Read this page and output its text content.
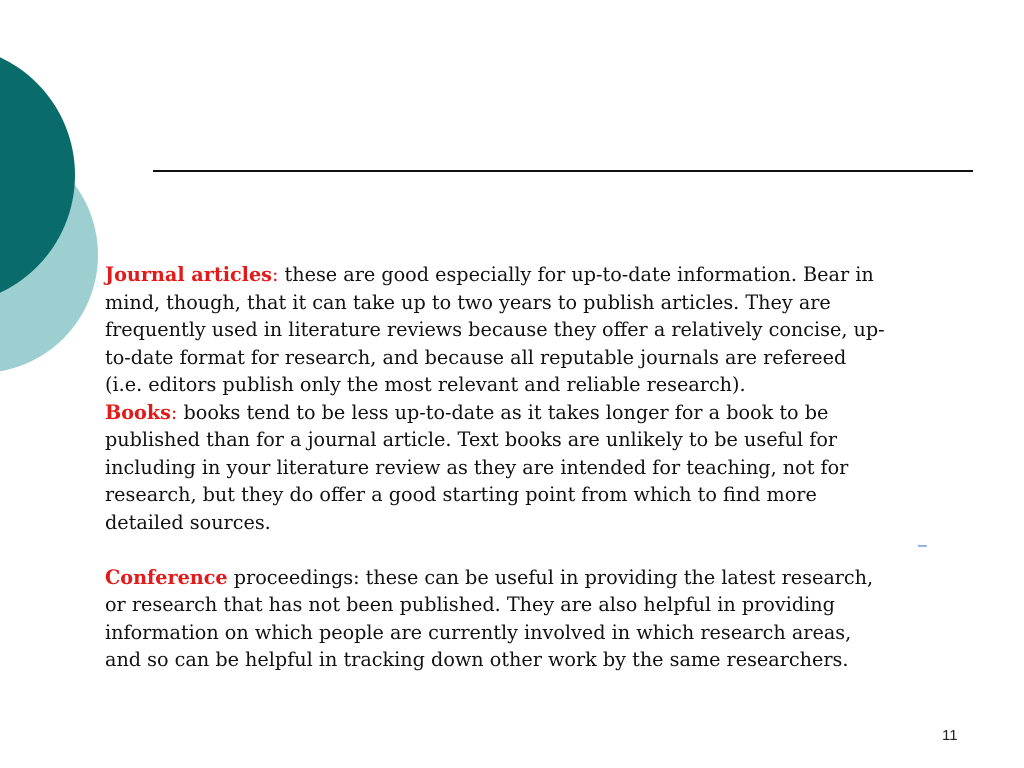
Journal articles: these are good especially for up-to-date information. Bear in mind, though, that it can take up to two years to publish articles. They are frequently used in literature reviews because they offer a relatively concise, up-to-date format for research, and because all reputable journals are refereed (i.e. editors publish only the most relevant and reliable research).

Books: books tend to be less up-to-date as it takes longer for a book to be published than for a journal article. Text books are unlikely to be useful for including in your literature review as they are intended for teaching, not for research, but they do offer a good starting point from which to find more detailed sources.

Conference proceedings: these can be useful in providing the latest research, or research that has not been published. They are also helpful in providing information on which people are currently involved in which research areas, and so can be helpful in tracking down other work by the same researchers.

–
11
